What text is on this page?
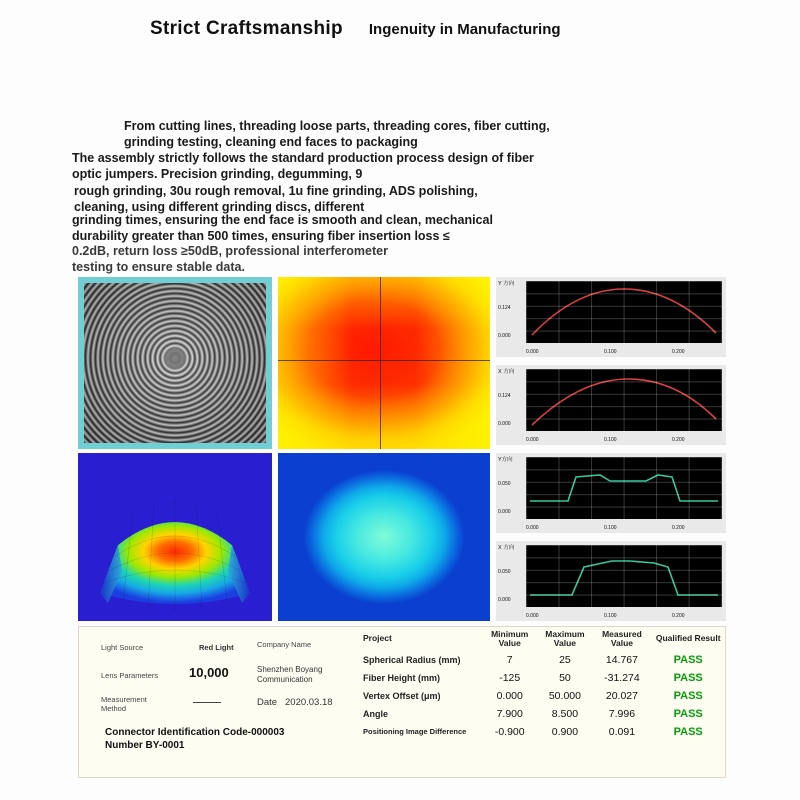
Strict Craftsmanship Ingenuity in Manufacturing
From cutting lines, threading loose parts, threading cores, fiber cutting, grinding testing, cleaning end faces to packaging
The assembly strictly follows the standard production process design of fiber optic jumpers. Precision grinding, degumming, 9
rough grinding, 30u rough removal, 1u fine grinding, ADS polishing, cleaning, using different grinding discs, different
grinding times, ensuring the end face is smooth and clean, mechanical durability greater than 500 times, ensuring fiber insertion loss ≤
0.2dB, return loss ≥50dB, professional interferometer testing to ensure stable data.
Y 方向
0.124
0.000
0.000	0.100	0.200
X 方向
0.124
0.000
0.000	0.100	0.200
Y方向
0.050
0.000
0.000	0.100	0.200
X 方向
0.050
0.000
0.000	0.100	0.200
Light Source	Red Light	Company Name
Lens Parameters 10,000	Shenzhen Boyang Communication
Measurement Method
Date 2020.03.18
Connector Identification Code-000003
Number BY-0001
Project	Minimum Value	Maximum Value	Measured Value	Qualified Result
Spherical Radius (mm)	7	25	14.767	PASS
Fiber Height (mm)	-125	50	-31.274	PASS
Vertex Offset (μm)	0.000	50.000	20.027	PASS
Angle	7.900	8.500	7.996	PASS
Positioning Image Difference	-0.900	0.900	0.091	PASS
